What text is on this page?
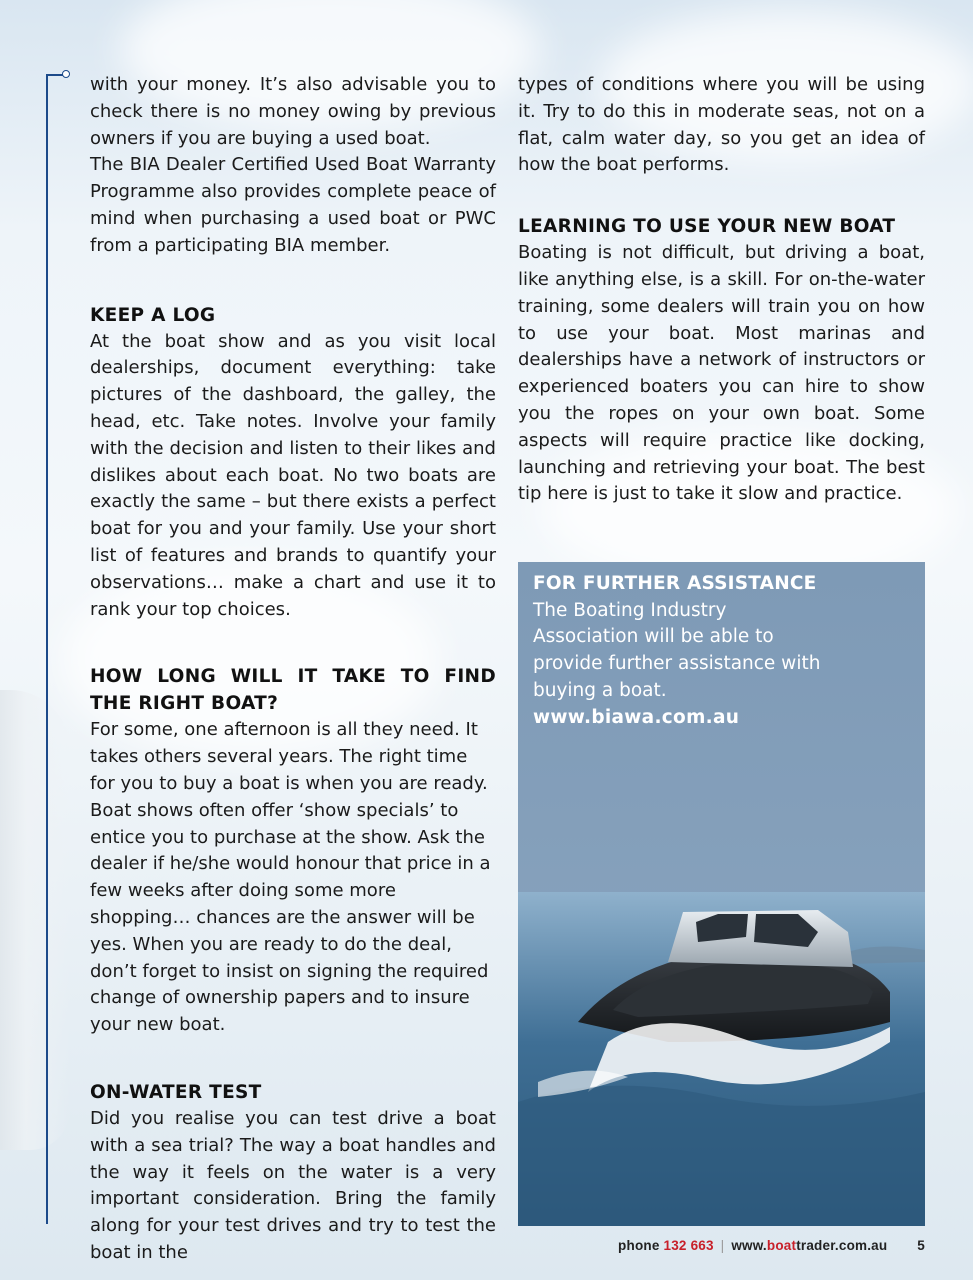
with your money. It’s also advisable you to check there is no money owing by previous owners if you are buying a used boat.

The BIA Dealer Certified Used Boat Warranty Programme also provides complete peace of mind when purchasing a used boat or PWC from a participating BIA member.

KEEP A LOG

At the boat show and as you visit local dealerships, document everything: take pictures of the dashboard, the galley, the head, etc. Take notes. Involve your family with the decision and listen to their likes and dislikes about each boat. No two boats are exactly the same – but there exists a perfect boat for you and your family. Use your short list of features and brands to quantify your observations… make a chart and use it to rank your top choices.

HOW LONG WILL IT TAKE TO FIND THE RIGHT BOAT?

For some, one afternoon is all they need. It takes others several years. The right time for you to buy a boat is when you are ready. Boat shows often offer ‘show specials’ to entice you to purchase at the show. Ask the dealer if he/she would honour that price in a few weeks after doing some more shopping… chances are the answer will be yes. When you are ready to do the deal, don’t forget to insist on signing the required change of ownership papers and to insure your new boat.

ON-WATER TEST

Did you realise you can test drive a boat with a sea trial? The way a boat handles and the way it feels on the water is a very important consideration. Bring the family along for your test drives and try to test the boat in the

types of conditions where you will be using it. Try to do this in moderate seas, not on a flat, calm water day, so you get an idea of how the boat performs.

LEARNING TO USE YOUR NEW BOAT

Boating is not difficult, but driving a boat, like anything else, is a skill. For on-the-water training, some dealers will train you on how to use your boat. Most marinas and dealerships have a network of instructors or experienced boaters you can hire to show you the ropes on your own boat. Some aspects will require practice like docking, launching and retrieving your boat. The best tip here is just to take it slow and practice.

FOR FURTHER ASSISTANCE

The Boating Industry Association will be able to provide further assistance with buying a boat.

www.biawa.com.au

phone 132 663 | www.boattrader.com.au 5
